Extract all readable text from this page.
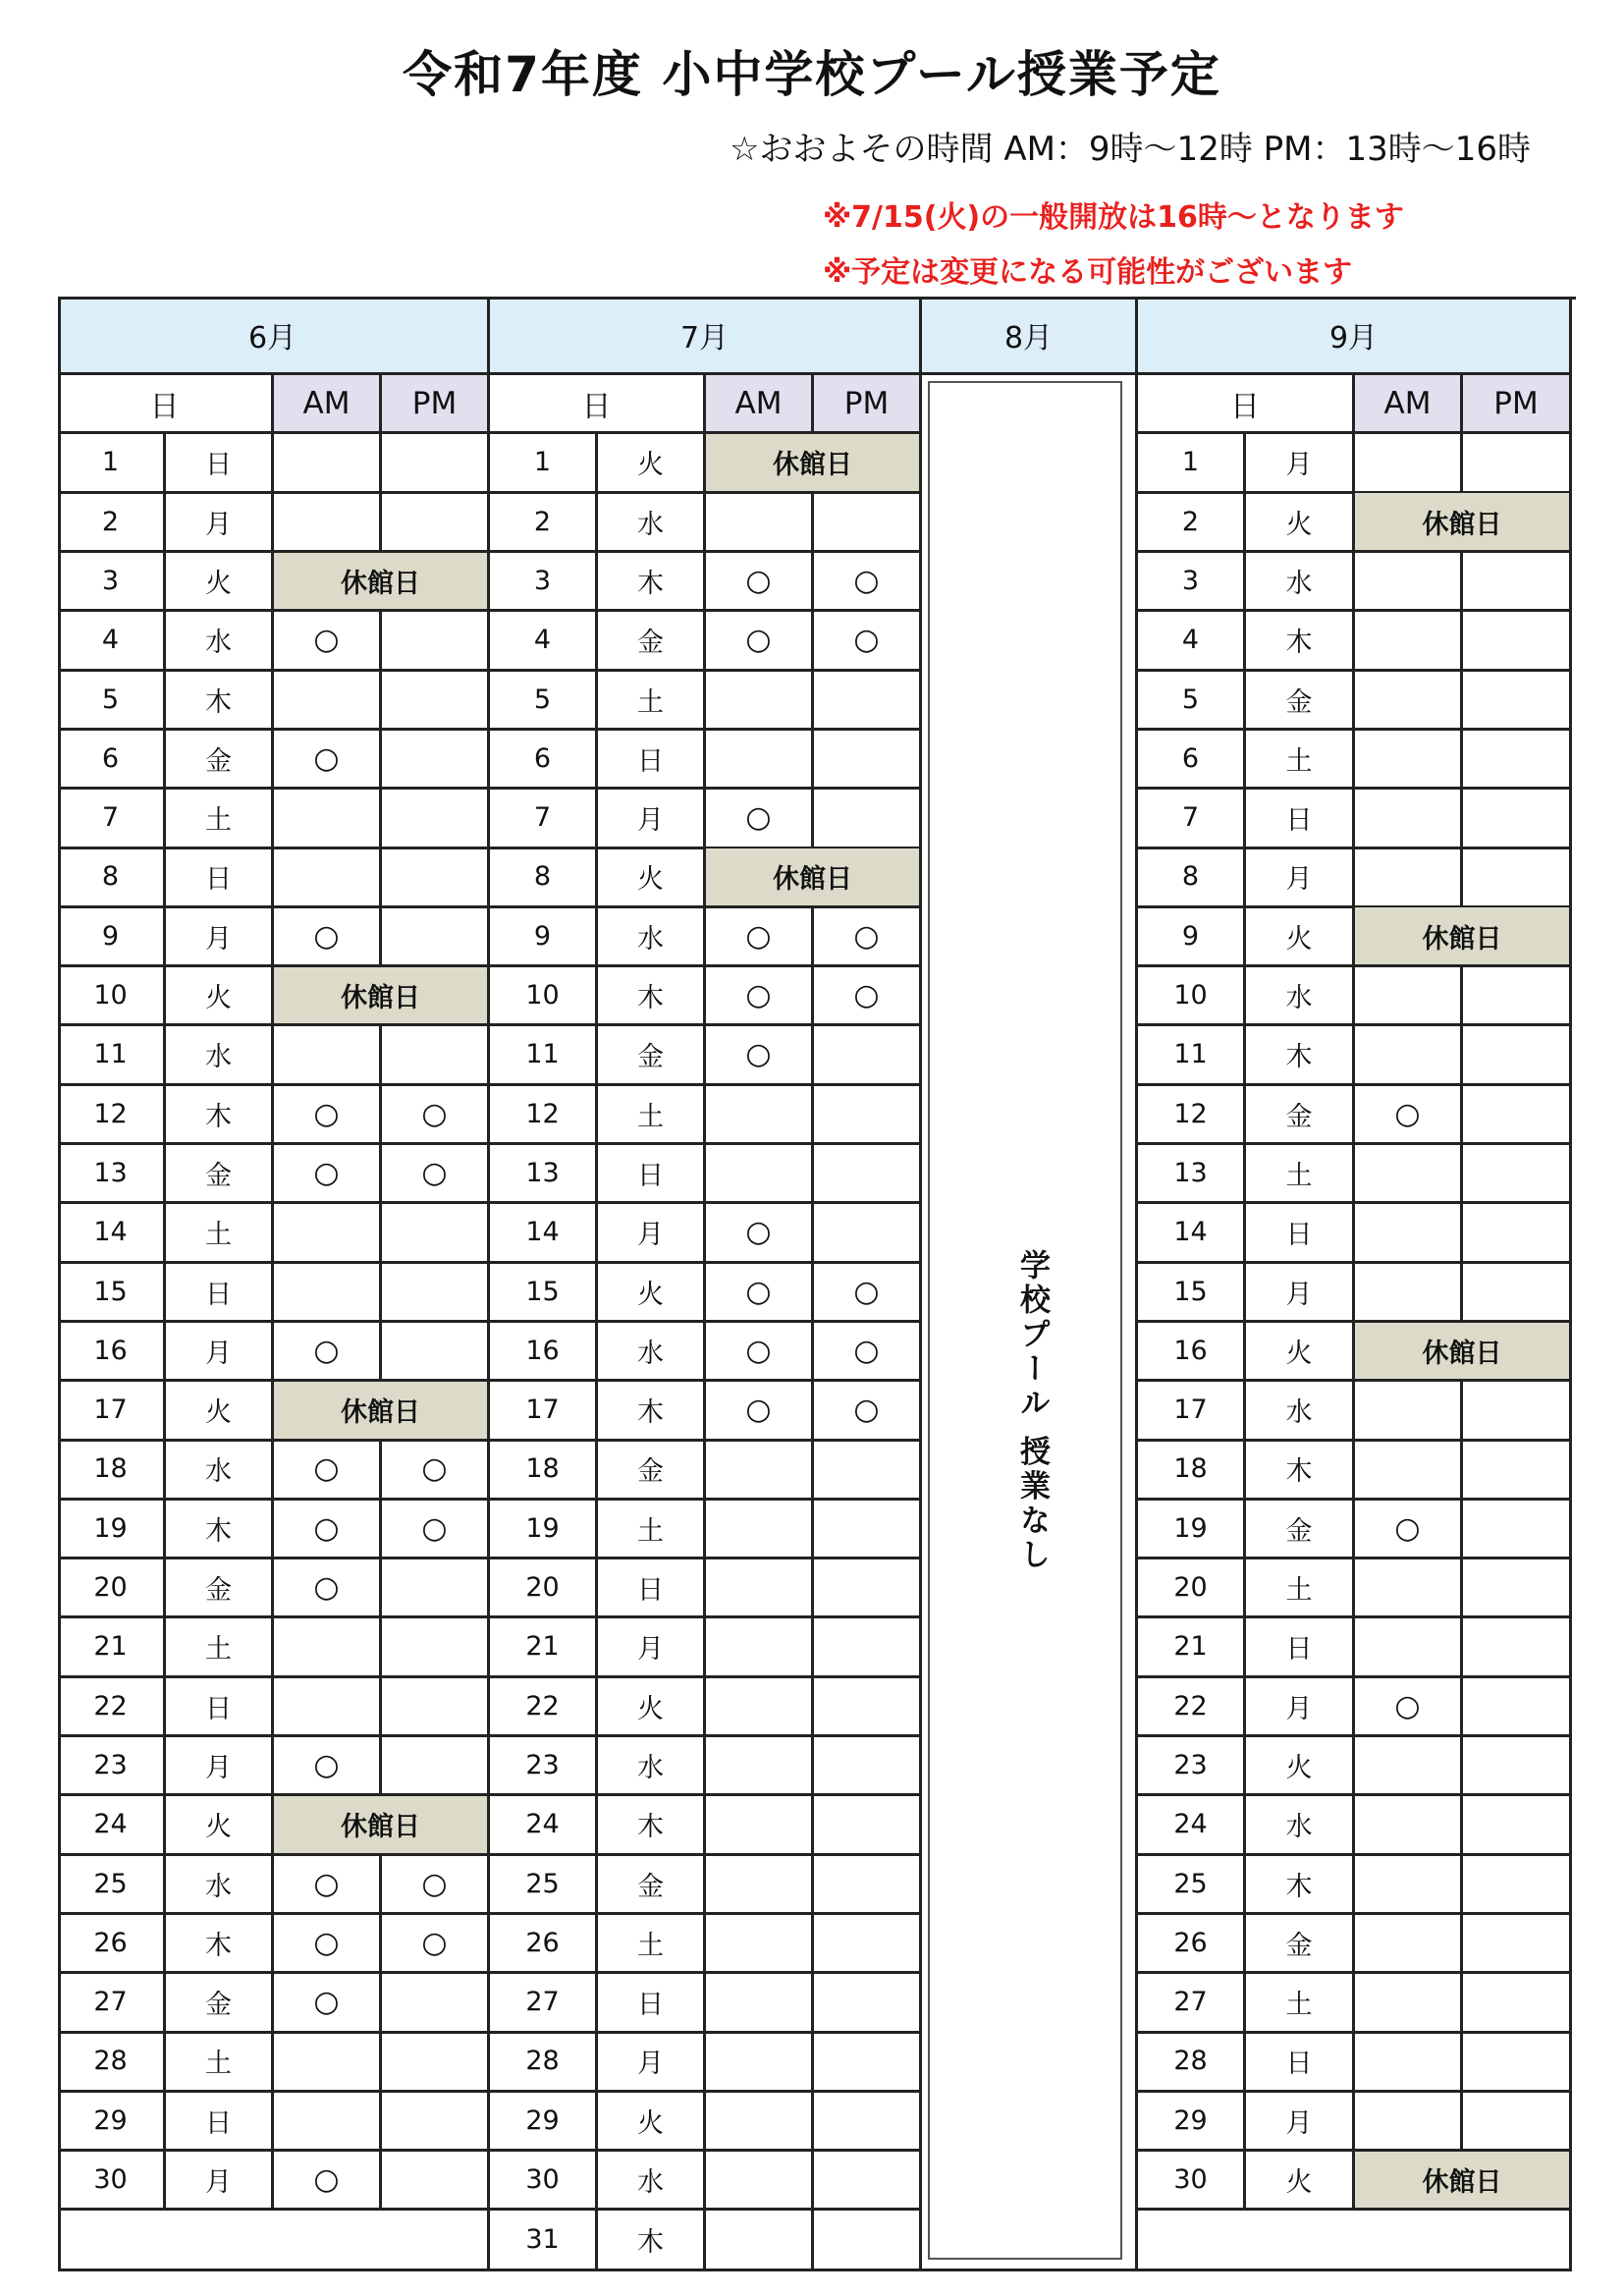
令和7年度 小中学校プール授業予定
☆おおよその時間 AM：9時～12時 PM：13時～16時
※7/15(火)の一般開放は16時～となります
※予定は変更になる可能性がございます
6月
日	AM	PM
1	日
2	月
3	火	休館日
4	水	○
5	木
6	金	○
7	土
8	日
9	月	○
10	火	休館日
11	水
12	木	○	○
13	金	○	○
14	土
15	日
16	月	○
17	火	休館日
18	水	○	○
19	木	○	○
20	金	○
21	土
22	日
23	月	○
24	火	休館日
25	水	○	○
26	木	○	○
27	金	○
28	土
29	日
30	月	○
7月
日	AM	PM
1	火	休館日
2	水
3	木	○	○
4	金	○	○
5	土
6	日
7	月	○
8	火	休館日
9	水	○	○
10	木	○	○
11	金	○
12	土
13	日
14	月	○
15	火	○	○
16	水	○	○
17	木	○	○
18	金
19	土
20	日
21	月
22	火
23	水
24	木
25	金
26	土
27	日
28	月
29	火
30	水
31	木
8月
学校プール 授業なし
9月
日	AM	PM
1	月
2	火	休館日
3	水
4	木
5	金
6	土
7	日
8	月
9	火	休館日
10	水
11	木
12	金	○
13	土
14	日
15	月
16	火	休館日
17	水
18	木
19	金	○
20	土
21	日
22	月	○
23	火
24	水
25	木
26	金
27	土
28	日
29	月
30	火	休館日
